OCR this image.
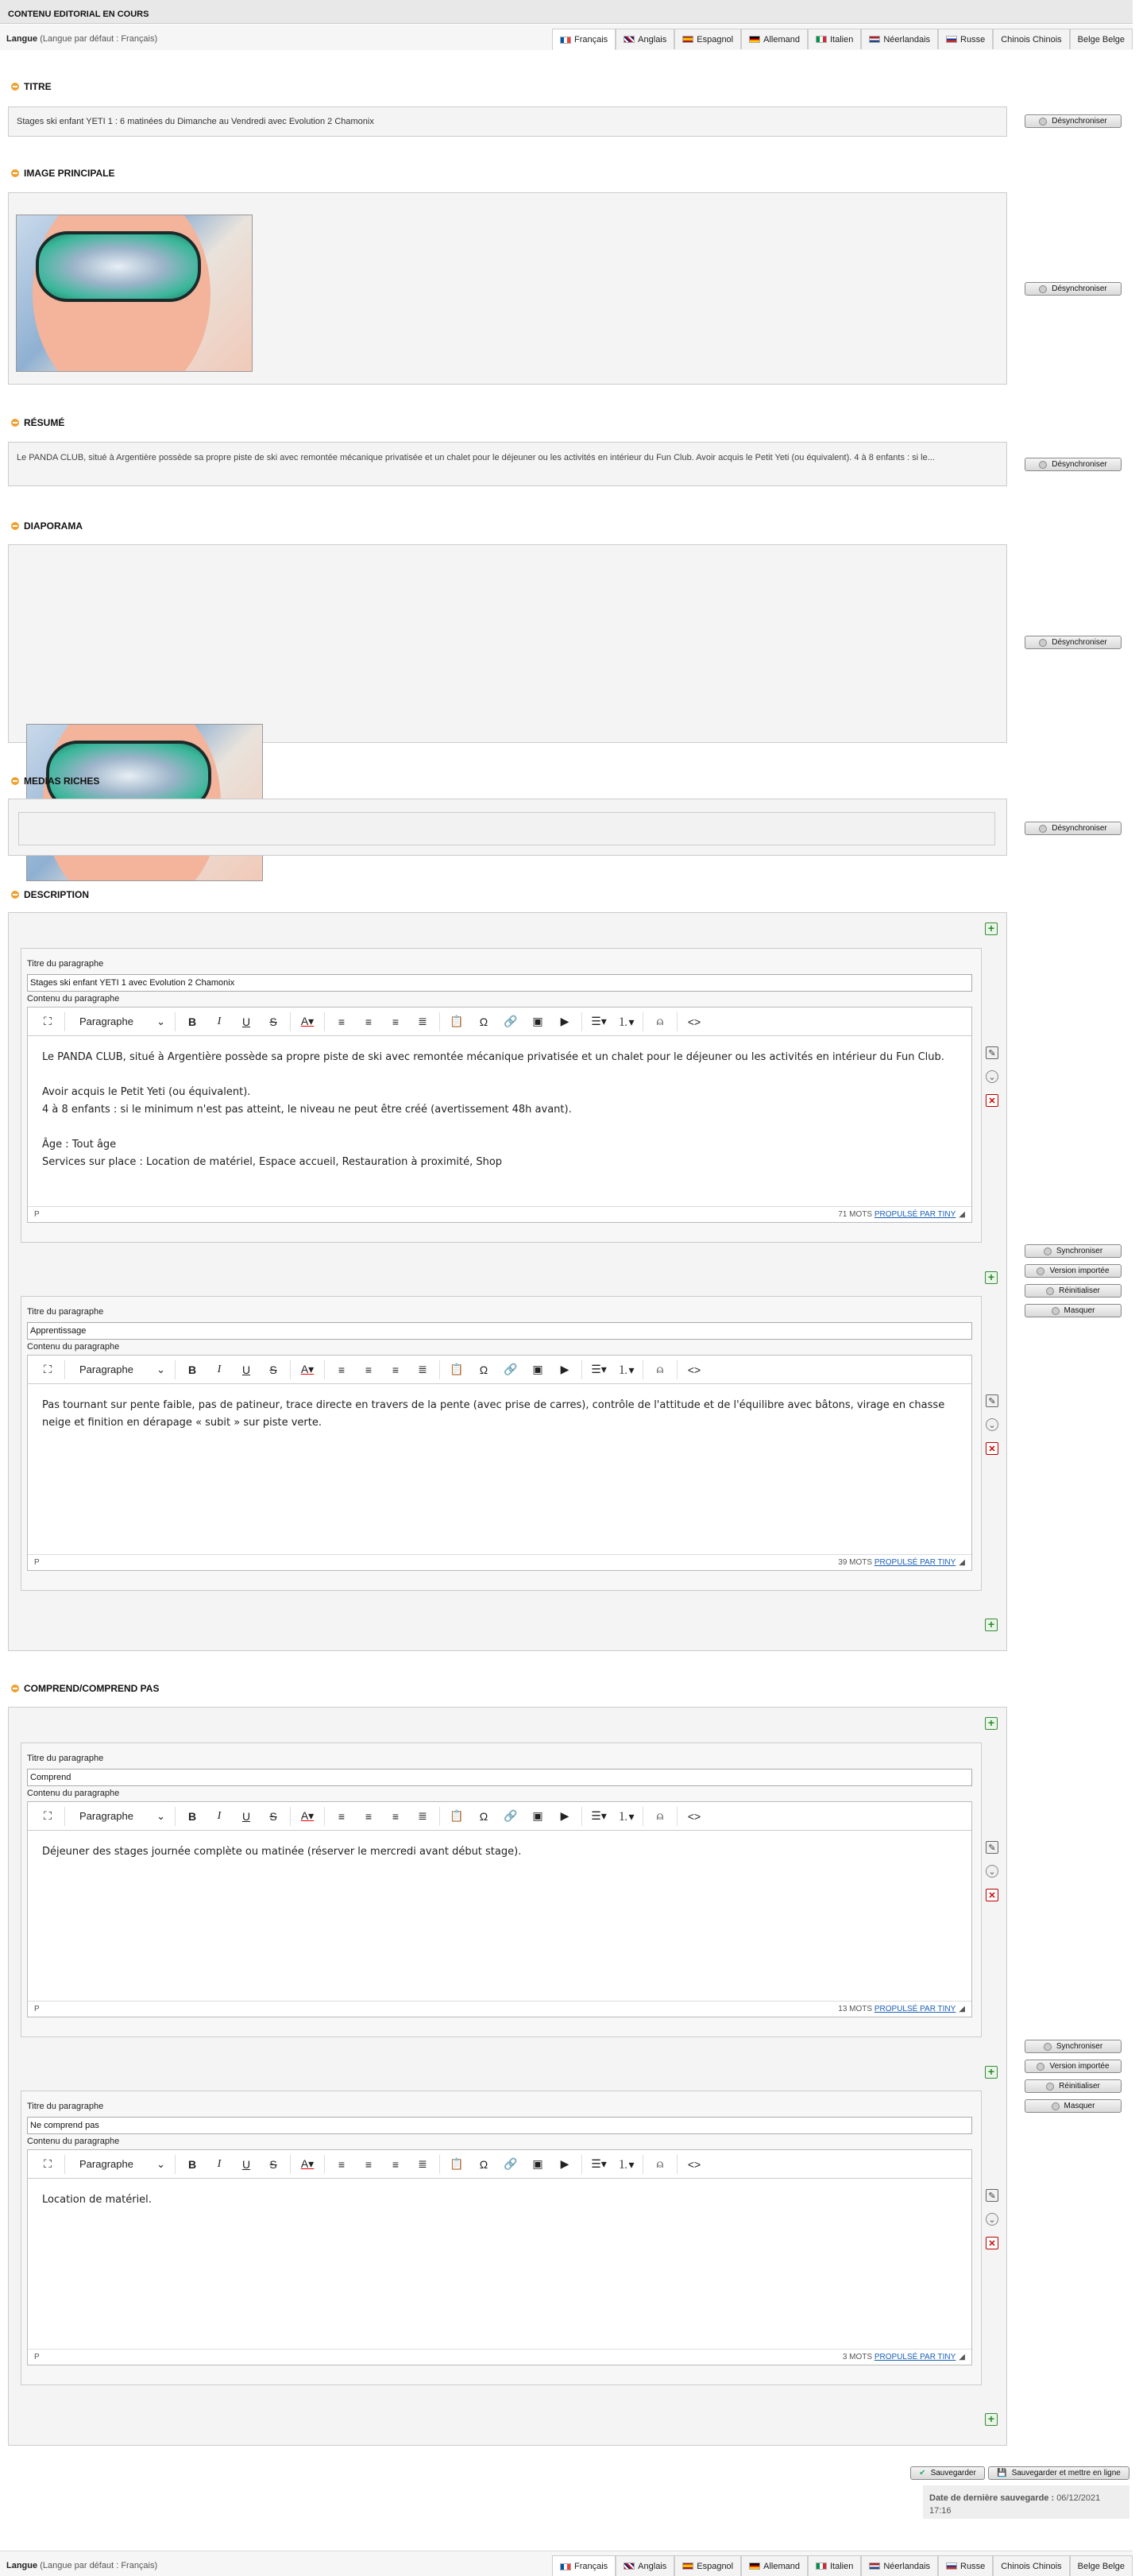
CONTENU EDITORIAL EN COURS
Langue (Langue par défaut : Français)	Français	Anglais	Espagnol	Allemand	Italien	Néerlandais	Russe Chinois Chinois Belge Belge
TITRE
Stages ski enfant YETI 1 : 6 matinées du Dimanche au Vendredi avec Evolution 2 Chamonix	Désynchroniser
IMAGE PRINCIPALE
Désynchroniser
RÉSUMÉ
Le PANDA CLUB, situé à Argentière possède sa propre piste de ski avec remontée mécanique privatisée et un chalet pour le déjeuner ou les activités en intérieur du Fun Club. Avoir acquis le Petit Yeti (ou équivalent). 4 à 8 enfants : si le...
Désynchroniser
DIAPORAMA
Désynchroniser
MEDIAS RICHES
Désynchroniser
DESCRIPTION
+
Titre du paragraphe
Stages ski enfant YETI 1 avec Evolution 2 Chamonix
Contenu du paragraphe
⛶	Paragraphe ⌄	B	I	U	S	A▾	≡	≡	≡	≣	📋	Ω	🔗	▣	▶	☰▾ ⒈▾	⍝	<>
Le PANDA CLUB, situé à Argentière possède sa propre piste de ski avec remontée mécanique privatisée et un chalet pour le déjeuner ou les activités en intérieur du Fun Club.

Avoir acquis le Petit Yeti (ou équivalent).
4 à 8 enfants : si le minimum n'est pas atteint, le niveau ne peut être créé (avertissement 48h avant).

Âge : Tout âge
Services sur place : Location de matériel, Espace accueil, Restauration à proximité, Shop
P	71 MOTS PROPULSÉ PAR TINY ◢
✎
⌄
✕
+
Titre du paragraphe
Apprentissage
Contenu du paragraphe
⛶	Paragraphe ⌄	B	I	U	S	A▾	≡	≡	≡	≣	📋	Ω	🔗	▣	▶	☰▾ ⒈▾	⍝	<>
Pas tournant sur pente faible, pas de patineur, trace directe en travers de la pente (avec prise de carres), contrôle de l'attitude et de l'équilibre avec bâtons, virage en chasse neige et finition en dérapage « subit » sur piste verte.
P	39 MOTS PROPULSÉ PAR TINY ◢
✎
⌄
✕
+
Synchroniser
Version importée
Réinitialiser
Masquer
COMPREND/COMPREND PAS
+
Titre du paragraphe
Comprend
Contenu du paragraphe
⛶	Paragraphe ⌄	B	I	U	S	A▾	≡	≡	≡	≣	📋	Ω	🔗	▣	▶	☰▾ ⒈▾	⍝	<>
Déjeuner des stages journée complète ou matinée (réserver le mercredi avant début stage).
P	13 MOTS PROPULSÉ PAR TINY ◢
✎
⌄
✕
+
Titre du paragraphe
Ne comprend pas
Contenu du paragraphe
⛶	Paragraphe ⌄	B	I	U	S	A▾	≡	≡	≡	≣	📋	Ω	🔗	▣	▶	☰▾ ⒈▾	⍝	<>
Location de matériel.
P	3 MOTS PROPULSÉ PAR TINY ◢
✎
⌄
✕
+
Synchroniser
Version importée
Réinitialiser
Masquer
✔ Sauvegarder	💾 Sauvegarder et mettre en ligne
Date de dernière sauvegarde : 06/12/2021 17:16
Langue (Langue par défaut : Français)	Français	Anglais	Espagnol	Allemand	Italien	Néerlandais	Russe Chinois Chinois Belge Belge
